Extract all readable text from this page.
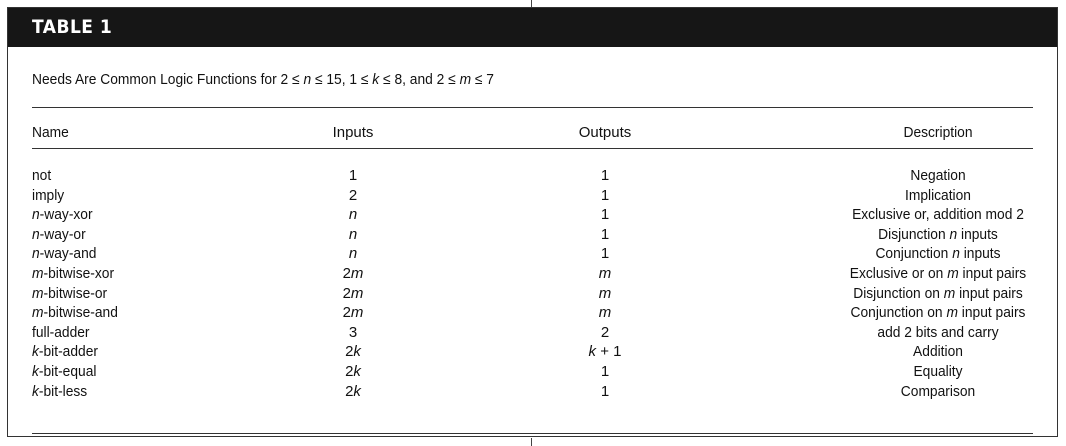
TABLE 1
Needs Are Common Logic Functions for 2 ≤ n ≤ 15, 1 ≤ k ≤ 8, and 2 ≤ m ≤ 7
Name	Inputs	Outputs	Description
not	1	1	Negation
imply	2	1	Implication
n-way-xor	n	1	Exclusive or, addition mod 2
n-way-or	n	1	Disjunction n inputs
n-way-and	n	1	Conjunction n inputs
m-bitwise-xor	2m	m	Exclusive or on m input pairs
m-bitwise-or	2m	m	Disjunction on m input pairs
m-bitwise-and	2m	m	Conjunction on m input pairs
full-adder	3	2	add 2 bits and carry
k-bit-adder	2k	k + 1	Addition
k-bit-equal	2k	1	Equality
k-bit-less	2k	1	Comparison
